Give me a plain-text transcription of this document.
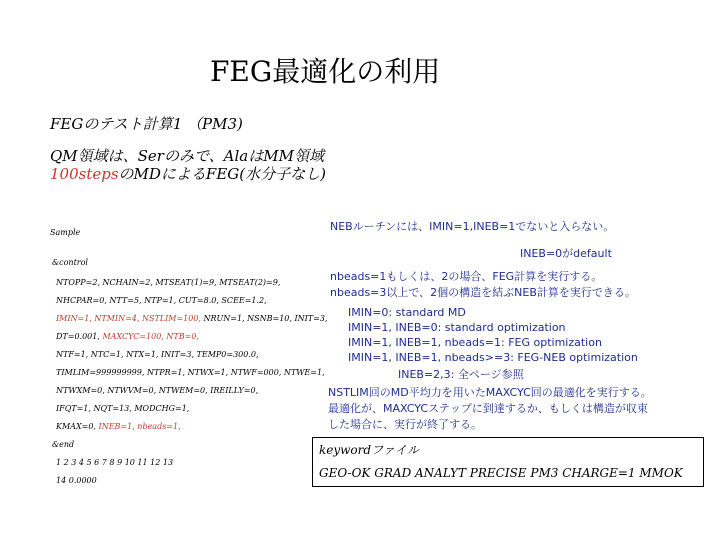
FEG最適化の利用
FEGのテスト計算1 （PM3)
QM領域は、Serのみで、AlaはMM領域
100stepsのMDによるFEG(水分子なし)
Sample
&control
NTOPP=2, NCHAIN=2, MTSEAT(1)=9, MTSEAT(2)=9,
NHCPAR=0, NTT=5, NTP=1, CUT=8.0, SCEE=1.2,
IMIN=1, NTMIN=4, NSTLIM=100, NRUN=1, NSNB=10, INIT=3,
DT=0.001, MAXCYC=100, NTB=0,
NTF=1, NTC=1, NTX=1, INIT=3, TEMP0=300.0,
TIMLIM=999999999, NTPR=1, NTWX=1, NTWF=000, NTWE=1,
NTWXM=0, NTWVM=0, NTWEM=0, IREILLY=0,
IFQT=1, NQT=13, MODCHG=1,
KMAX=0, INEB=1, nbeads=1,
&end
1 2 3 4 5 6 7 8 9 10 11 12 13
14 0.0000
NEBルーチンには、IMIN=1,INEB=1でないと入らない。
INEB=0がdefault
nbeads=1もしくは、2の場合、FEG計算を実行する。
nbeads=3以上で、2個の構造を結ぶNEB計算を実行できる。
IMIN=0: standard MD
IMIN=1, INEB=0: standard optimization
IMIN=1, INEB=1, nbeads=1: FEG optimization
IMIN=1, INEB=1, nbeads>=3: FEG-NEB optimization
INEB=2,3: 全ページ参照
NSTLIM回のMD平均力を用いたMAXCYC回の最適化を実行する。
最適化が、MAXCYCステップに到達するか、もしくは構造が収束
した場合に、実行が終了する。
keywordファイル
GEO-OK GRAD ANALYT PRECISE PM3 CHARGE=1 MMOK
